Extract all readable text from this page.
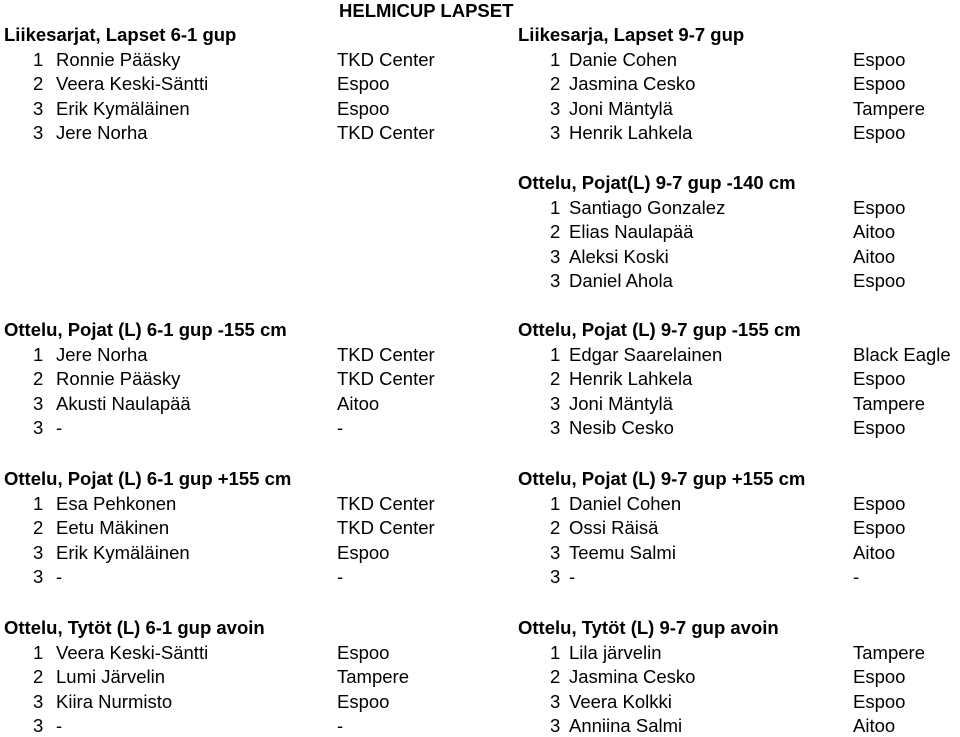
HELMICUP LAPSET
Liikesarjat, Lapset 6-1 gup
1 Ronnie Pääsky	TKD Center
2 Veera Keski-Säntti	Espoo
3 Erik Kymäläinen	Espoo
3 Jere Norha	TKD Center
Liikesarja, Lapset 9-7 gup
1 Danie Cohen	Espoo
2 Jasmina Cesko	Espoo
3 Joni Mäntylä	Tampere
3 Henrik Lahkela	Espoo
Ottelu, Pojat(L) 9-7 gup -140 cm
1 Santiago Gonzalez	Espoo
2 Elias Naulapää	Aitoo
3 Aleksi Koski	Aitoo
3 Daniel Ahola	Espoo
Ottelu, Pojat (L) 6-1 gup -155 cm
1 Jere Norha	TKD Center
2 Ronnie Pääsky	TKD Center
3 Akusti Naulapää	Aitoo
3 -	-
Ottelu, Pojat (L) 9-7 gup -155 cm
1 Edgar Saarelainen	Black Eagle
2 Henrik Lahkela	Espoo
3 Joni Mäntylä	Tampere
3 Nesib Cesko	Espoo
Ottelu, Pojat (L) 6-1 gup +155 cm
1 Esa Pehkonen	TKD Center
2 Eetu Mäkinen	TKD Center
3 Erik Kymäläinen	Espoo
3 -	-
Ottelu, Pojat (L) 9-7 gup +155 cm
1 Daniel Cohen	Espoo
2 Ossi Räisä	Espoo
3 Teemu Salmi	Aitoo
3 -	-
Ottelu, Tytöt (L) 6-1 gup avoin
1 Veera Keski-Säntti	Espoo
2 Lumi Järvelin	Tampere
3 Kiira Nurmisto	Espoo
3 -	-
Ottelu, Tytöt (L) 9-7 gup avoin
1 Lila järvelin	Tampere
2 Jasmina Cesko	Espoo
3 Veera Kolkki	Espoo
3 Anniina Salmi	Aitoo
